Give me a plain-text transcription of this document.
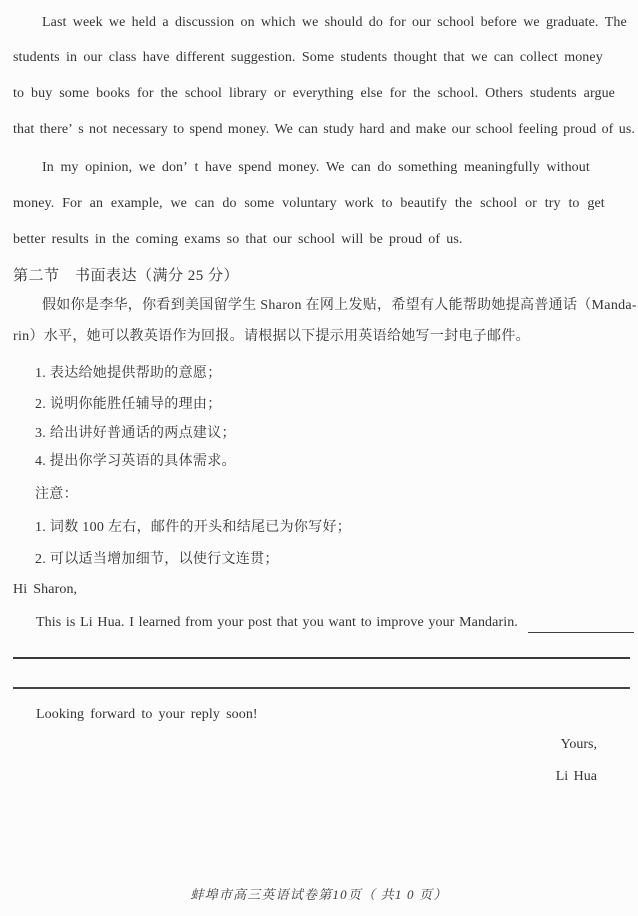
Last week we held a discussion on which we should do for our school before we graduate. The
students in our class have different suggestion. Some students thought that we can collect money
to buy some books for the school library or everything else for the school. Others students argue
that there’ s not necessary to spend money. We can study hard and make our school feeling proud of us.
In my opinion, we don’ t have spend money. We can do something meaningfully without
money. For an example, we can do some voluntary work to beautify the school or try to get
better results in the coming exams so that our school will be proud of us.
第二节　书面表达（满分 25 分）
假如你是李华，你看到美国留学生 Sharon 在网上发贴，希望有人能帮助她提高普通话（Manda-
rin）水平，她可以教英语作为回报。请根据以下提示用英语给她写一封电子邮件。
1. 表达给她提供帮助的意愿；
2. 说明你能胜任辅导的理由；
3. 给出讲好普通话的两点建议；
4. 提出你学习英语的具体需求。
注意：
1. 词数 100 左右，邮件的开头和结尾已为你写好；
2. 可以适当增加细节，以使行文连贯；
Hi Sharon,
This is Li Hua. I learned from your post that you want to improve your Mandarin.
Looking forward to your reply soon!
Yours,
Li Hua
蚌埠市高三英语试卷第10页（ 共1 0 页）
